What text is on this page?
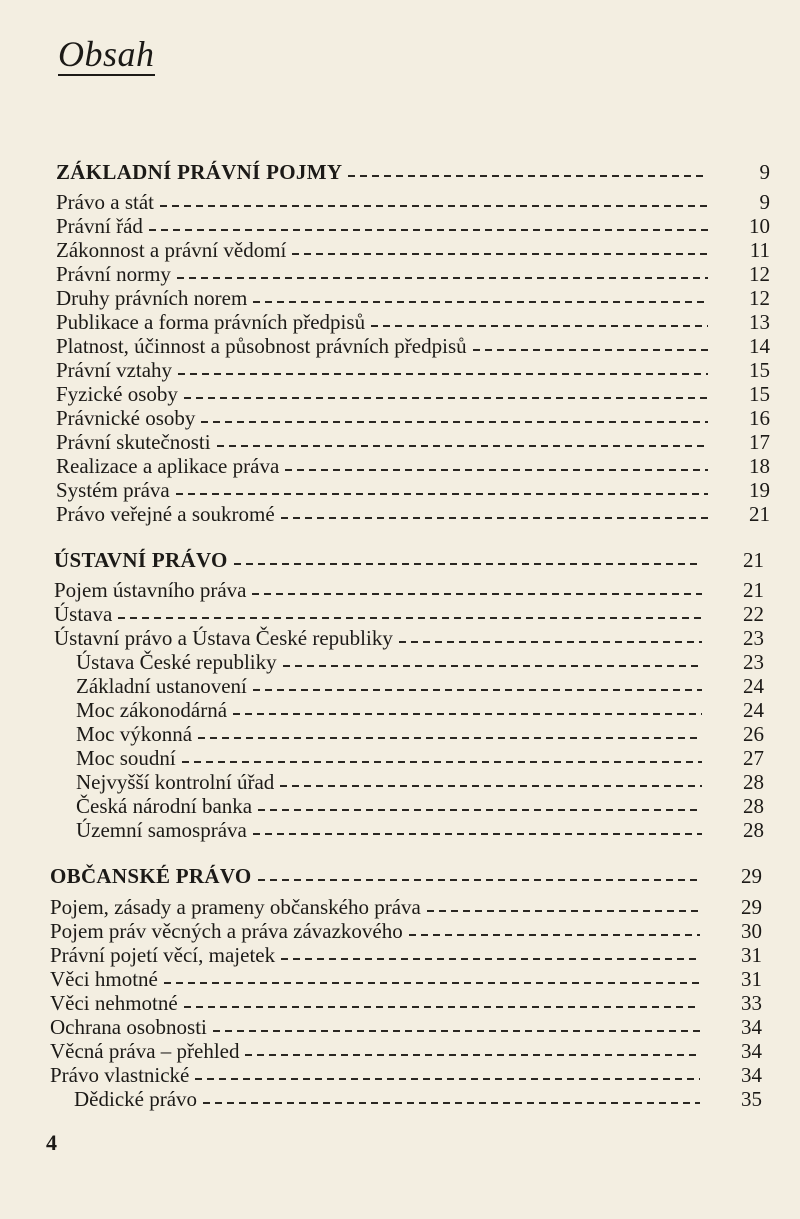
Obsah
ZÁKLADNÍ PRÁVNÍ POJMY	9
Právo a stát	9
Právní řád	10
Zákonnost a právní vědomí	11
Právní normy	12
Druhy právních norem	12
Publikace a forma právních předpisů	13
Platnost, účinnost a působnost právních předpisů	14
Právní vztahy	15
Fyzické osoby	15
Právnické osoby	16
Právní skutečnosti	17
Realizace a aplikace práva	18
Systém práva	19
Právo veřejné a soukromé	21
ÚSTAVNÍ PRÁVO	21
Pojem ústavního práva	21
Ústava	22
Ústavní právo a Ústava České republiky	23
Ústava České republiky	23
Základní ustanovení	24
Moc zákonodárná	24
Moc výkonná	26
Moc soudní	27
Nejvyšší kontrolní úřad	28
Česká národní banka	28
Územní samospráva	28
OBČANSKÉ PRÁVO	29
Pojem, zásady a prameny občanského práva	29
Pojem práv věcných a práva závazkového	30
Právní pojetí věcí, majetek	31
Věci hmotné	31
Věci nehmotné	33
Ochrana osobnosti	34
Věcná práva – přehled	34
Právo vlastnické	34
Dědické právo	35
4
